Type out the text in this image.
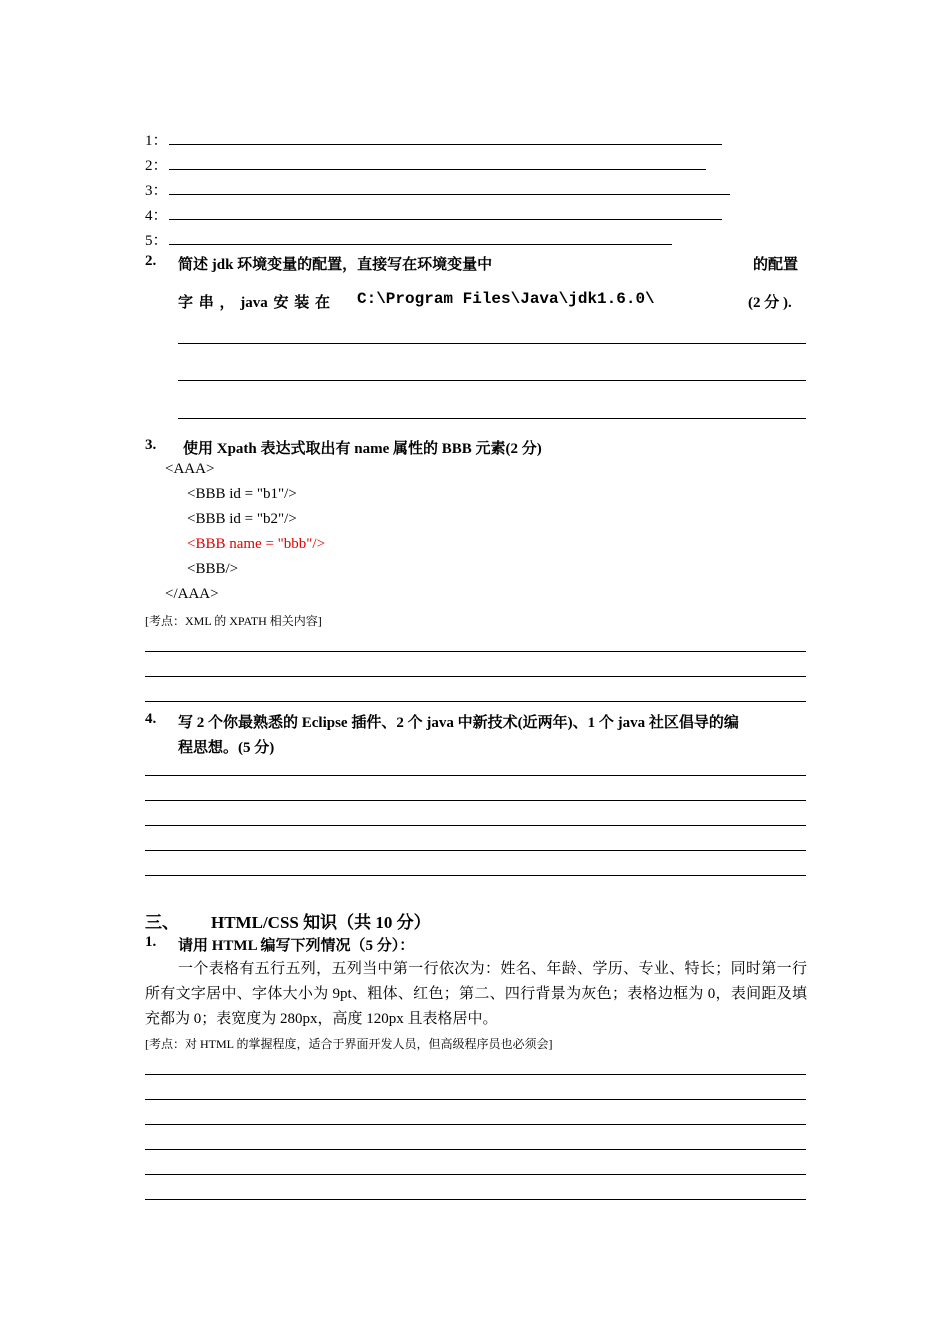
1：
2：
3：
4：
5：
2. 简述 jdk 环境变量的配置，直接写在环境变量中	的配置
字 串 ， java 安 装 在 C:\Program Files\Java\jdk1.6.0\	(2 分 ).
3. 使用 Xpath 表达式取出有 name 属性的 BBB 元素(2 分)
<AAA>
<BBB id = "b1"/>
<BBB id = "b2"/>
<BBB name = "bbb"/>
<BBB/>
</AAA>
[考点：XML 的 XPATH 相关内容]
4. 写 2 个你最熟悉的 Eclipse 插件、2 个 java 中新技术(近两年)、1 个 java 社区倡导的编
程思想。(5 分)
三、 HTML/CSS 知识（共 10 分）
1. 请用 HTML 编写下列情况（5 分）：
一个表格有五行五列，五列当中第一行依次为：姓名、年龄、学历、专业、特长；同时第一行所有文字居中、字体大小为 9pt、粗体、红色；第二、四行背景为灰色；表格边框为 0，表间距及填充都为 0；表宽度为 280px，高度 120px 且表格居中。
[考点：对 HTML 的掌握程度，适合于界面开发人员，但高级程序员也必须会]
